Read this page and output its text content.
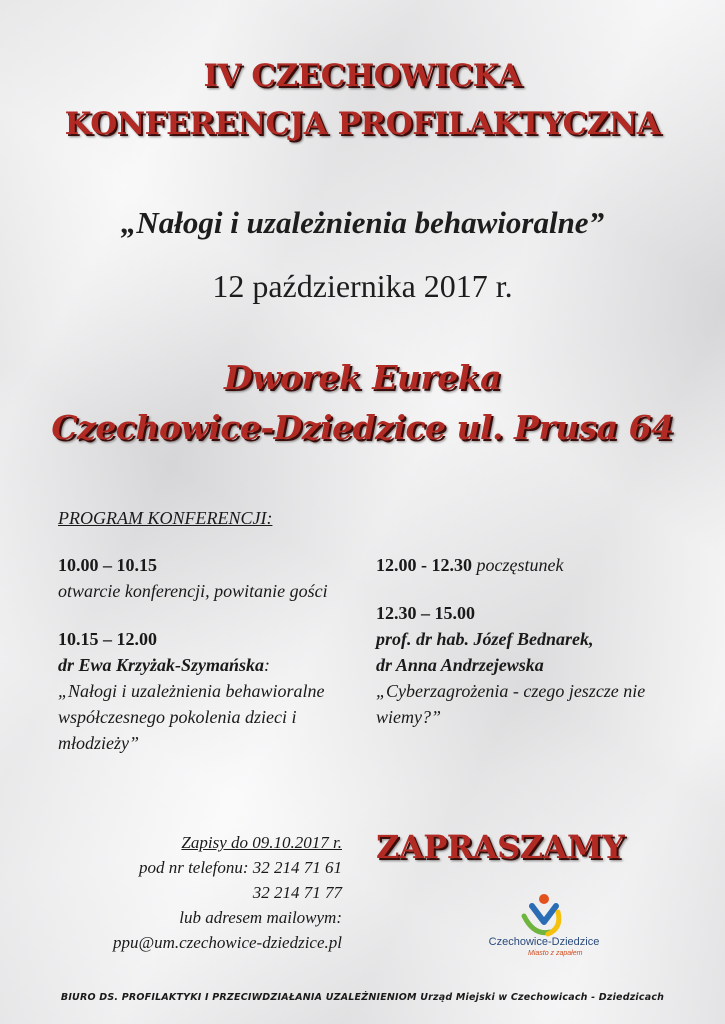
IV CZECHOWICKA
KONFERENCJA PROFILAKTYCZNA
„Nałogi i uzależnienia behawioralne”
12 października 2017 r.
Dworek Eureka
Czechowice-Dziedzice ul. Prusa 64
PROGRAM KONFERENCJI:
10.00 – 10.15
otwarcie konferencji, powitanie gości
10.15 – 12.00
dr Ewa Krzyżak-Szymańska:
„Nałogi i uzależnienia behawioralne współczesnego pokolenia dzieci i młodzieży”
12.00 - 12.30 poczęstunek
12.30 – 15.00
prof. dr hab. Józef Bednarek,
dr Anna Andrzejewska
„Cyberzagrożenia - czego jeszcze nie wiemy?”
Zapisy do 09.10.2017 r.
pod nr telefonu: 32 214 71 61
32 214 71 77
lub adresem mailowym:
ppu@um.czechowice-dziedzice.pl
ZAPRASZAMY
Czechowice-Dziedzice
Miasto z zapałem
BIURO DS. PROFILAKTYKI I PRZECIWDZIAŁANIA UZALEŻNIENIOM Urząd Miejski w Czechowicach - Dziedzicach
